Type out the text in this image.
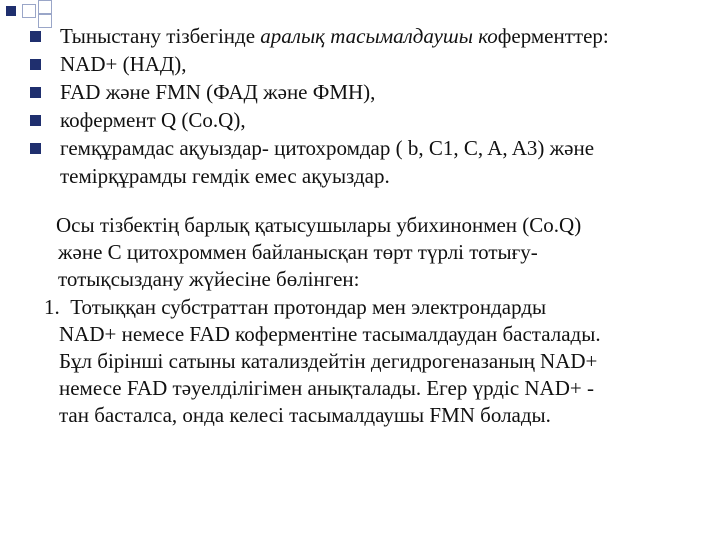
Тыныстану тізбегінде аралық тасымалдаушы коферменттер:
NAD+ (НАД),
FAD және FMN (ФАД және ФМН),
кофермент Q (Co.Q),
гемқұрамдас ақуыздар- цитохромдар ( b, C1, C, A, A3) және
темірқұрамды гемдік емес ақуыздар.
Осы тізбектің барлық қатысушылары убихинонмен (Co.Q)
және С цитохроммен байланысқан төрт түрлі тотығу-
тотықсыздану жүйесіне бөлінген:
1. Тотыққан субстраттан протондар мен электрондарды
NAD+ немесе FAD коферментіне тасымалдаудан басталады.
Бұл бірінші сатыны катализдейтін дегидрогеназаның NAD+
немесе FAD тәуелділігімен анықталады. Егер үрдіс NAD+ -
тан басталса, онда келесі тасымалдаушы FMN болады.
